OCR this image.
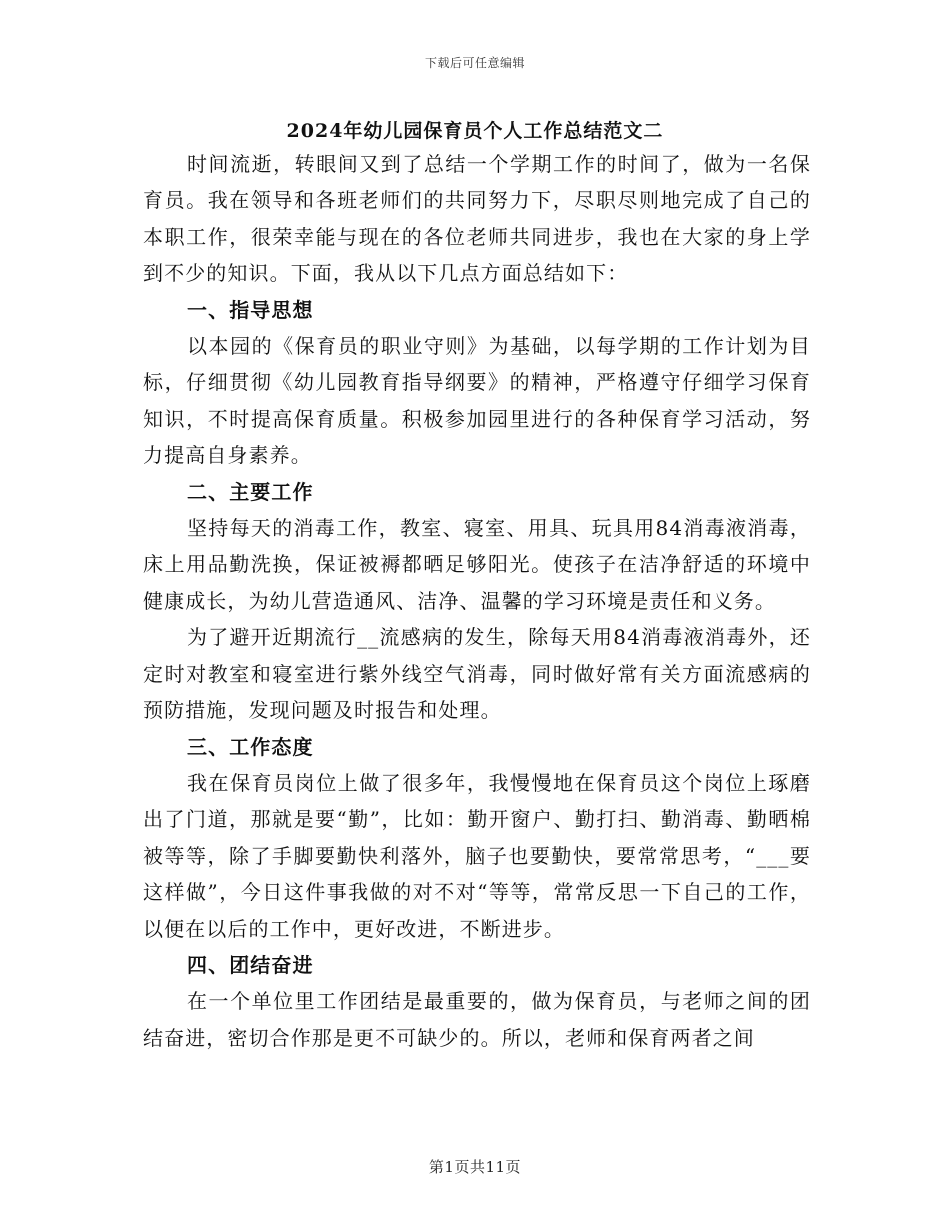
下载后可任意编辑
2024年幼儿园保育员个人工作总结范文二

时间流逝，转眼间又到了总结一个学期工作的时间了，做为一名保育员。我在领导和各班老师们的共同努力下，尽职尽则地完成了自己的本职工作，很荣幸能与现在的各位老师共同进步，我也在大家的身上学到不少的知识。下面，我从以下几点方面总结如下：

一、指导思想

以本园的《保育员的职业守则》为基础，以每学期的工作计划为目标，仔细贯彻《幼儿园教育指导纲要》的精神，严格遵守仔细学习保育知识，不时提高保育质量。积极参加园里进行的各种保育学习活动，努力提高自身素养。

二、主要工作

坚持每天的消毒工作，教室、寝室、用具、玩具用84消毒液消毒，床上用品勤洗换，保证被褥都晒足够阳光。使孩子在洁净舒适的环境中健康成长，为幼儿营造通风、洁净、温馨的学习环境是责任和义务。

为了避开近期流行__流感病的发生，除每天用84消毒液消毒外，还定时对教室和寝室进行紫外线空气消毒，同时做好常有关方面流感病的预防措施，发现问题及时报告和处理。

三、工作态度

我在保育员岗位上做了很多年，我慢慢地在保育员这个岗位上琢磨出了门道，那就是要“勤”，比如：勤开窗户、勤打扫、勤消毒、勤晒棉被等等，除了手脚要勤快利落外，脑子也要勤快，要常常思考，“___要这样做”，今日这件事我做的对不对“等等，常常反思一下自己的工作，以便在以后的工作中，更好改进，不断进步。

四、团结奋进

在一个单位里工作团结是最重要的，做为保育员，与老师之间的团结奋进，密切合作那是更不可缺少的。所以，老师和保育两者之间

第1页共11页
